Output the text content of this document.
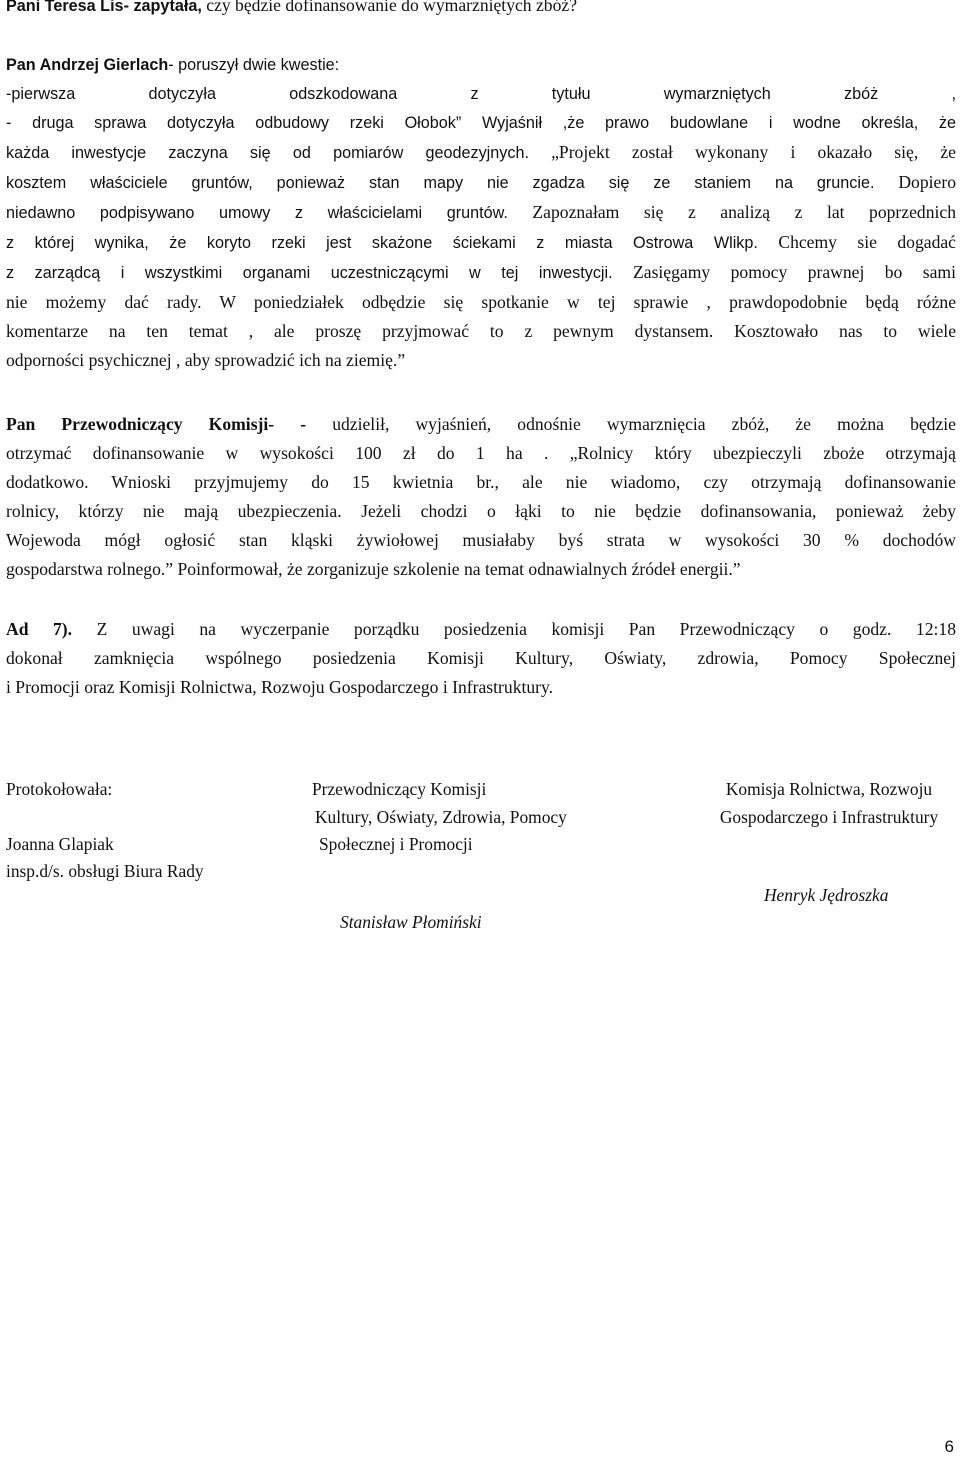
Pani Teresa Lis- zapytała, czy będzie dofinansowanie do wymarzniętych zbóż?
Pan Andrzej Gierlach- poruszył dwie kwestie:
-pierwsza	dotyczyła	odszkodowana	z	tytułu	wymarzniętych	zbóż	,
- druga sprawa dotyczyła odbudowy rzeki Ołobok” Wyjaśnił ,że prawo budowlane i wodne określa, że
każda inwestycje zaczyna się od pomiarów geodezyjnych. „Projekt został wykonany i okazało się, że
kosztem właściciele gruntów, ponieważ stan mapy nie zgadza się ze staniem na gruncie. Dopiero
niedawno podpisywano umowy z właścicielami gruntów. Zapoznałam się z analizą z lat poprzednich
z której wynika, że koryto rzeki jest skażone ściekami z miasta Ostrowa Wlikp. Chcemy sie dogadać
z zarządcą i wszystkimi organami uczestniczącymi w tej inwestycji. Zasięgamy pomocy prawnej bo sami
nie możemy dać rady. W poniedziałek odbędzie się spotkanie w tej sprawie , prawdopodobnie będą różne
komentarze na ten temat , ale proszę przyjmować to z pewnym dystansem. Kosztowało nas to wiele
odporności psychicznej , aby sprowadzić ich na ziemię.”
Pan Przewodniczący Komisji- - udzielił, wyjaśnień, odnośnie wymarznięcia zbóż, że można będzie
otrzymać dofinansowanie w wysokości 100 zł do 1 ha . „Rolnicy który ubezpieczyli zboże otrzymają
dodatkowo. Wnioski przyjmujemy do 15 kwietnia br., ale nie wiadomo, czy otrzymają dofinansowanie
rolnicy, którzy nie mają ubezpieczenia. Jeżeli chodzi o łąki to nie będzie dofinansowania, ponieważ żeby
Wojewoda mógł ogłosić stan kląski żywiołowej musiałaby byś strata w wysokości 30 % dochodów
gospodarstwa rolnego.” Poinformował, że zorganizuje szkolenie na temat odnawialnych źródeł energii.”
Ad 7). Z uwagi na wyczerpanie porządku posiedzenia komisji Pan Przewodniczący o godz. 12:18
dokonał zamknięcia wspólnego posiedzenia Komisji Kultury, Oświaty, zdrowia, Pomocy Społecznej
i Promocji oraz Komisji Rolnictwa, Rozwoju Gospodarczego i Infrastruktury.
Protokołowała:
Joanna Glapiak
insp.d/s. obsługi Biura Rady
Przewodniczący Komisji
Kultury, Oświaty, Zdrowia, Pomocy
Społecznej i Promocji
Stanisław Płomiński
Komisja Rolnictwa, Rozwoju
Gospodarczego i Infrastruktury
Henryk Jędroszka
6
